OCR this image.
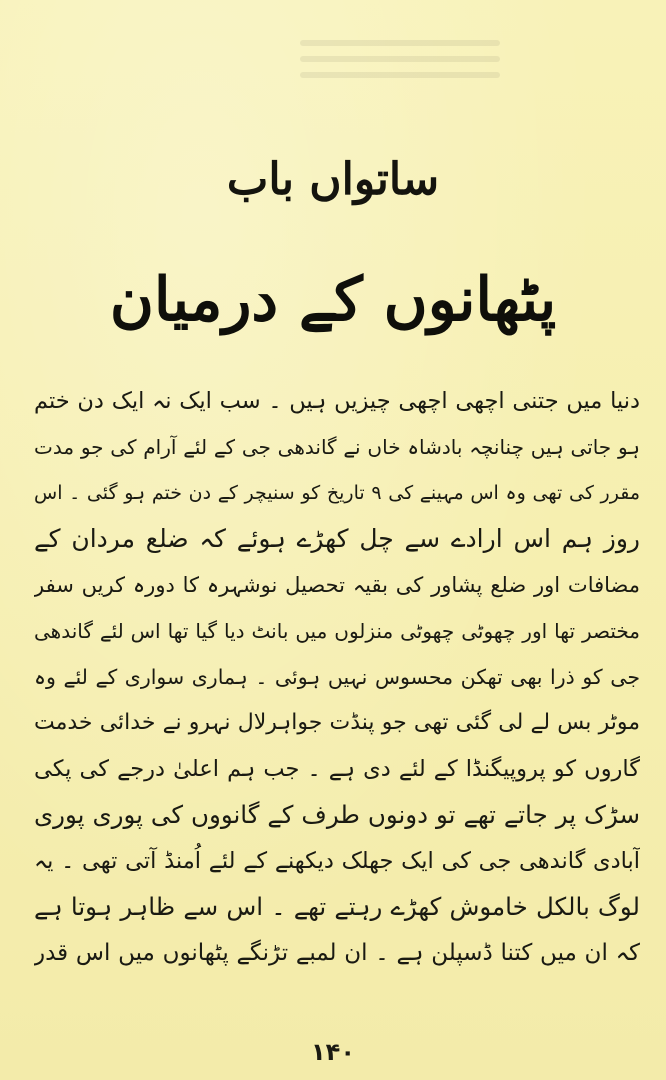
ساتواں باب
پٹھانوں کے درمیان
دنیا میں جتنی اچھی اچھی چیزیں ہیں ۔ سب ایک نہ ایک دن ختم
ہو جاتی ہیں چنانچہ بادشاہ خاں نے گاندھی جی کے لئے آرام کی جو مدت
مقرر کی تھی وہ اس مہینے کی ۹ تاریخ کو سنیچر کے دن ختم ہو گئی ۔ اس
روز ہم اس ارادے سے چل کھڑے ہوئے کہ ضلع مردان کے
مضافات اور ضلع پشاور کی بقیہ تحصیل نوشہرہ کا دورہ کریں سفر
مختصر تھا اور چھوٹی چھوٹی منزلوں میں بانٹ دیا گیا تھا اس لئے گاندھی
جی کو ذرا بھی تھکن محسوس نہیں ہوئی ۔ ہماری سواری کے لئے وہ
موٹر بس لے لی گئی تھی جو پنڈت جواہرلال نہرو نے خدائی خدمت
گاروں کو پروپیگنڈا کے لئے دی ہے ۔ جب ہم اعلیٰ درجے کی پکی
سڑک پر جاتے تھے تو دونوں طرف کے گانووں کی پوری پوری
آبادی گاندھی جی کی ایک جھلک دیکھنے کے لئے اُمنڈ آتی تھی ۔ یہ
لوگ بالکل خاموش کھڑے رہتے تھے ۔ اس سے ظاہر ہوتا ہے
کہ ان میں کتنا ڈسپلن ہے ۔ ان لمبے تڑنگے پٹھانوں میں اس قدر
۱۴۰
